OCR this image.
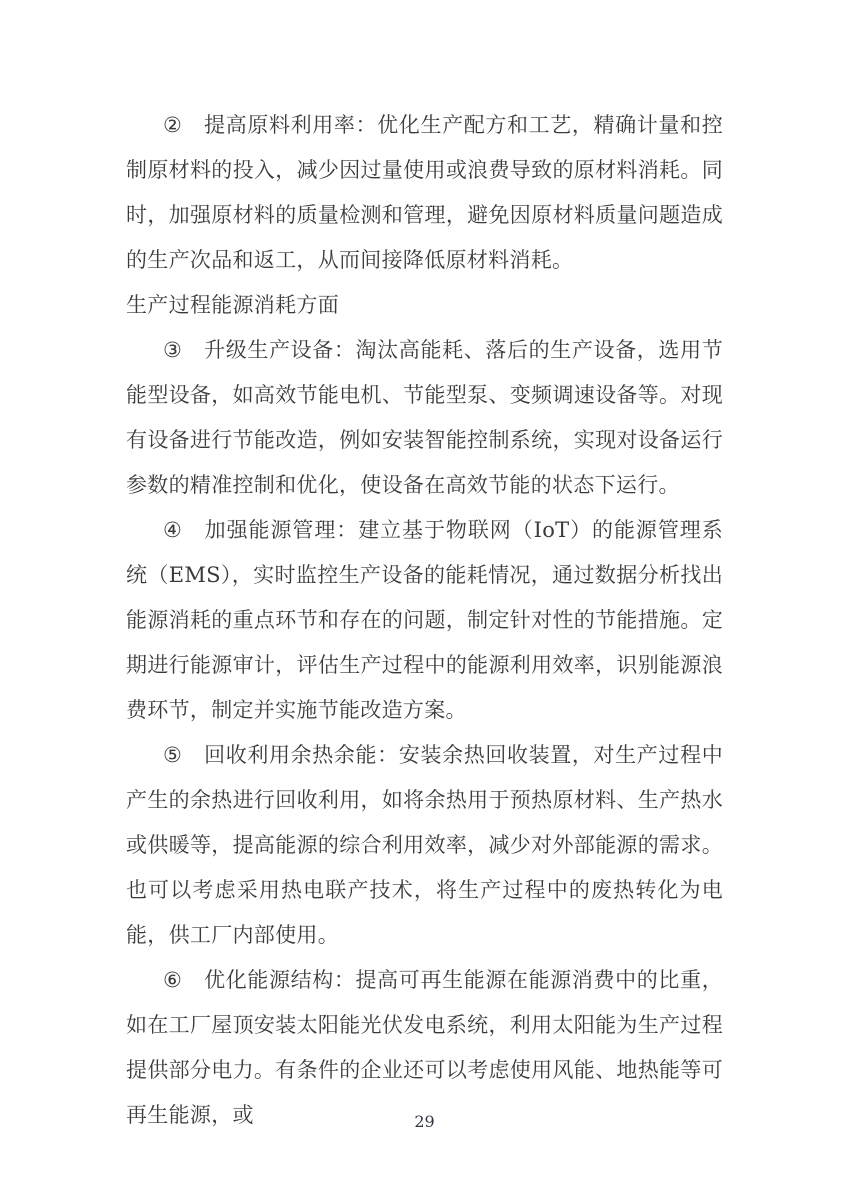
②　提高原料利用率：优化生产配方和工艺，精确计量和控制原材料的投入，减少因过量使用或浪费导致的原材料消耗。同时，加强原材料的质量检测和管理，避免因原材料质量问题造成的生产次品和返工，从而间接降低原材料消耗。

生产过程能源消耗方面

③　升级生产设备：淘汰高能耗、落后的生产设备，选用节能型设备，如高效节能电机、节能型泵、变频调速设备等。对现有设备进行节能改造，例如安装智能控制系统，实现对设备运行参数的精准控制和优化，使设备在高效节能的状态下运行。

④　加强能源管理：建立基于物联网（IoT）的能源管理系统（EMS），实时监控生产设备的能耗情况，通过数据分析找出能源消耗的重点环节和存在的问题，制定针对性的节能措施。定期进行能源审计，评估生产过程中的能源利用效率，识别能源浪费环节，制定并实施节能改造方案。

⑤　回收利用余热余能：安装余热回收装置，对生产过程中产生的余热进行回收利用，如将余热用于预热原材料、生产热水或供暖等，提高能源的综合利用效率，减少对外部能源的需求。也可以考虑采用热电联产技术，将生产过程中的废热转化为电能，供工厂内部使用。

⑥　优化能源结构：提高可再生能源在能源消费中的比重，如在工厂屋顶安装太阳能光伏发电系统，利用太阳能为生产过程提供部分电力。有条件的企业还可以考虑使用风能、地热能等可再生能源，或	29
